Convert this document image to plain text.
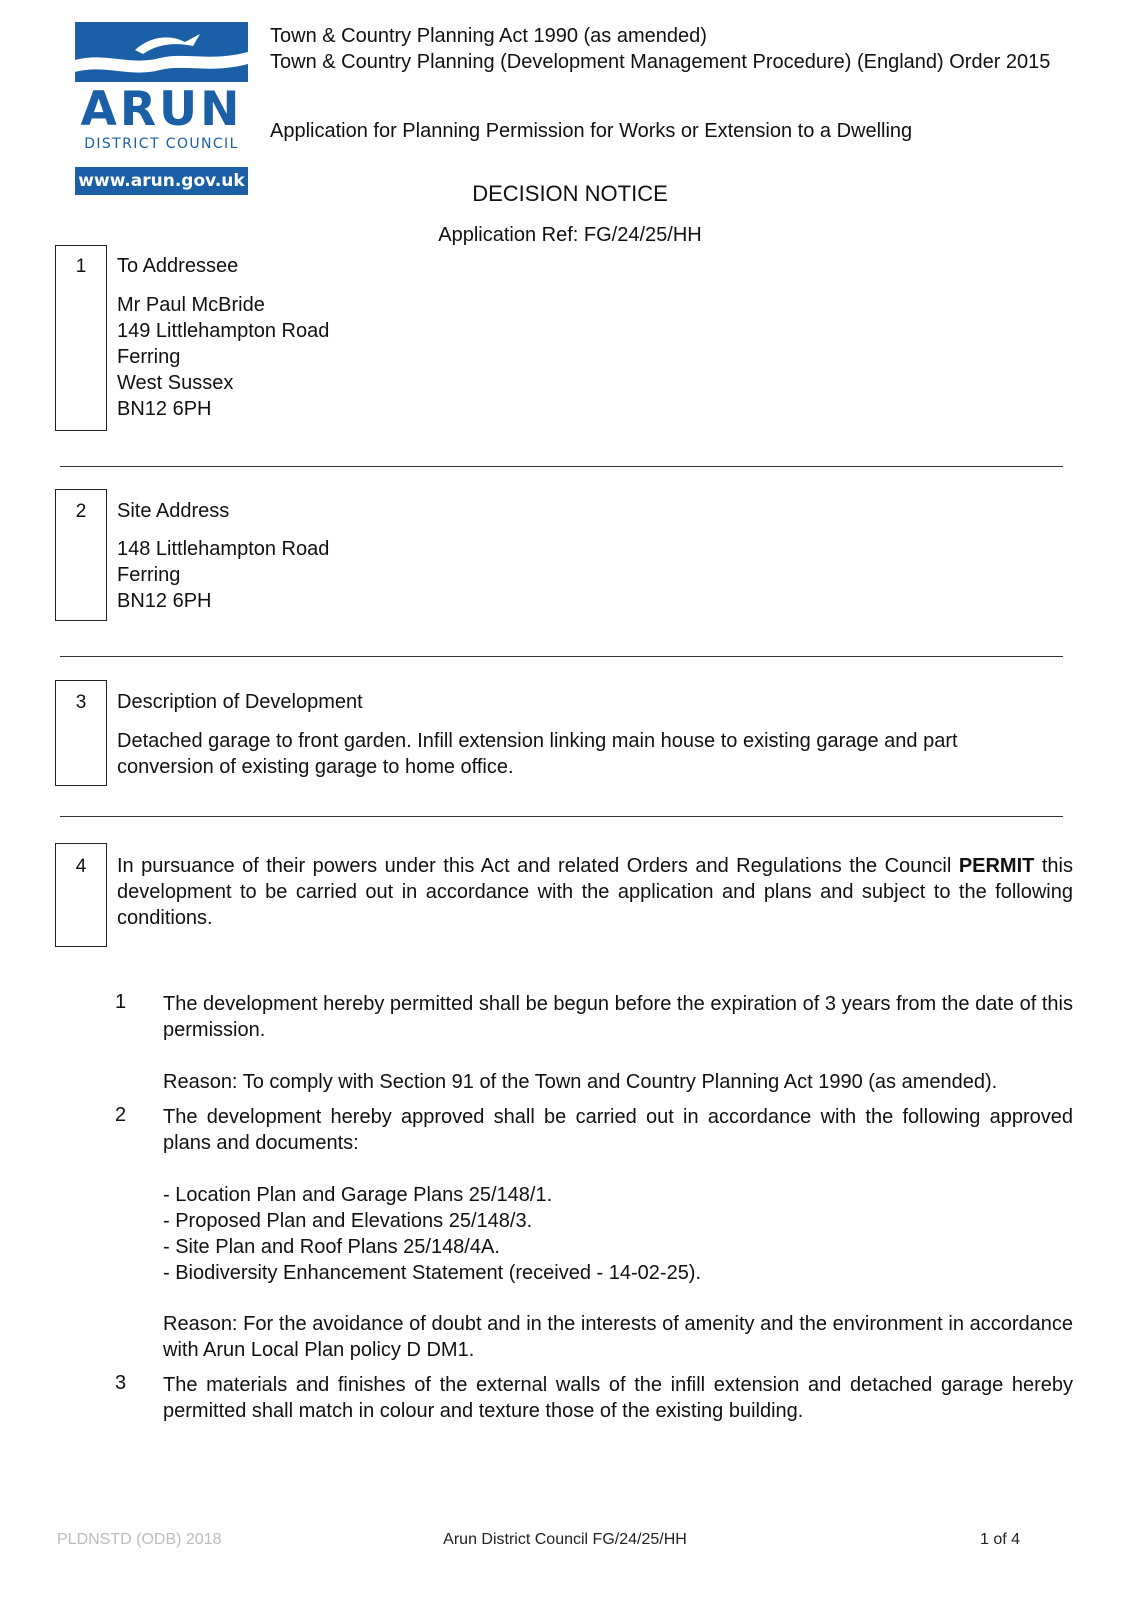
ARUN
DISTRICT COUNCIL
www.arun.gov.uk
Town & Country Planning Act 1990 (as amended)
Town & Country Planning (Development Management Procedure) (England) Order 2015
Application for Planning Permission for Works or Extension to a Dwelling
DECISION NOTICE
Application Ref: FG/24/25/HH
1	To Addressee
Mr Paul McBride
149 Littlehampton Road
Ferring
West Sussex
BN12 6PH
2	Site Address
148 Littlehampton Road
Ferring
BN12 6PH
3	Description of Development
Detached garage to front garden. Infill extension linking main house to existing garage and part
conversion of existing garage to home office.
4	In pursuance of their powers under this Act and related Orders and Regulations the Council PERMIT this development to be carried out in accordance with the application and plans and subject to the following conditions.
1 The development hereby permitted shall be begun before the expiration of 3 years from the date of this permission.
Reason: To comply with Section 91 of the Town and Country Planning Act 1990 (as amended).
2 The development hereby approved shall be carried out in accordance with the following approved plans and documents:
- Location Plan and Garage Plans 25/148/1.
- Proposed Plan and Elevations 25/148/3.
- Site Plan and Roof Plans 25/148/4A.
- Biodiversity Enhancement Statement (received - 14-02-25).
Reason: For the avoidance of doubt and in the interests of amenity and the environment in accordance with Arun Local Plan policy D DM1.
3 The materials and finishes of the external walls of the infill extension and detached garage hereby permitted shall match in colour and texture those of the existing building.
PLDNSTD (ODB) 2018	Arun District Council FG/24/25/HH	1 of 4
